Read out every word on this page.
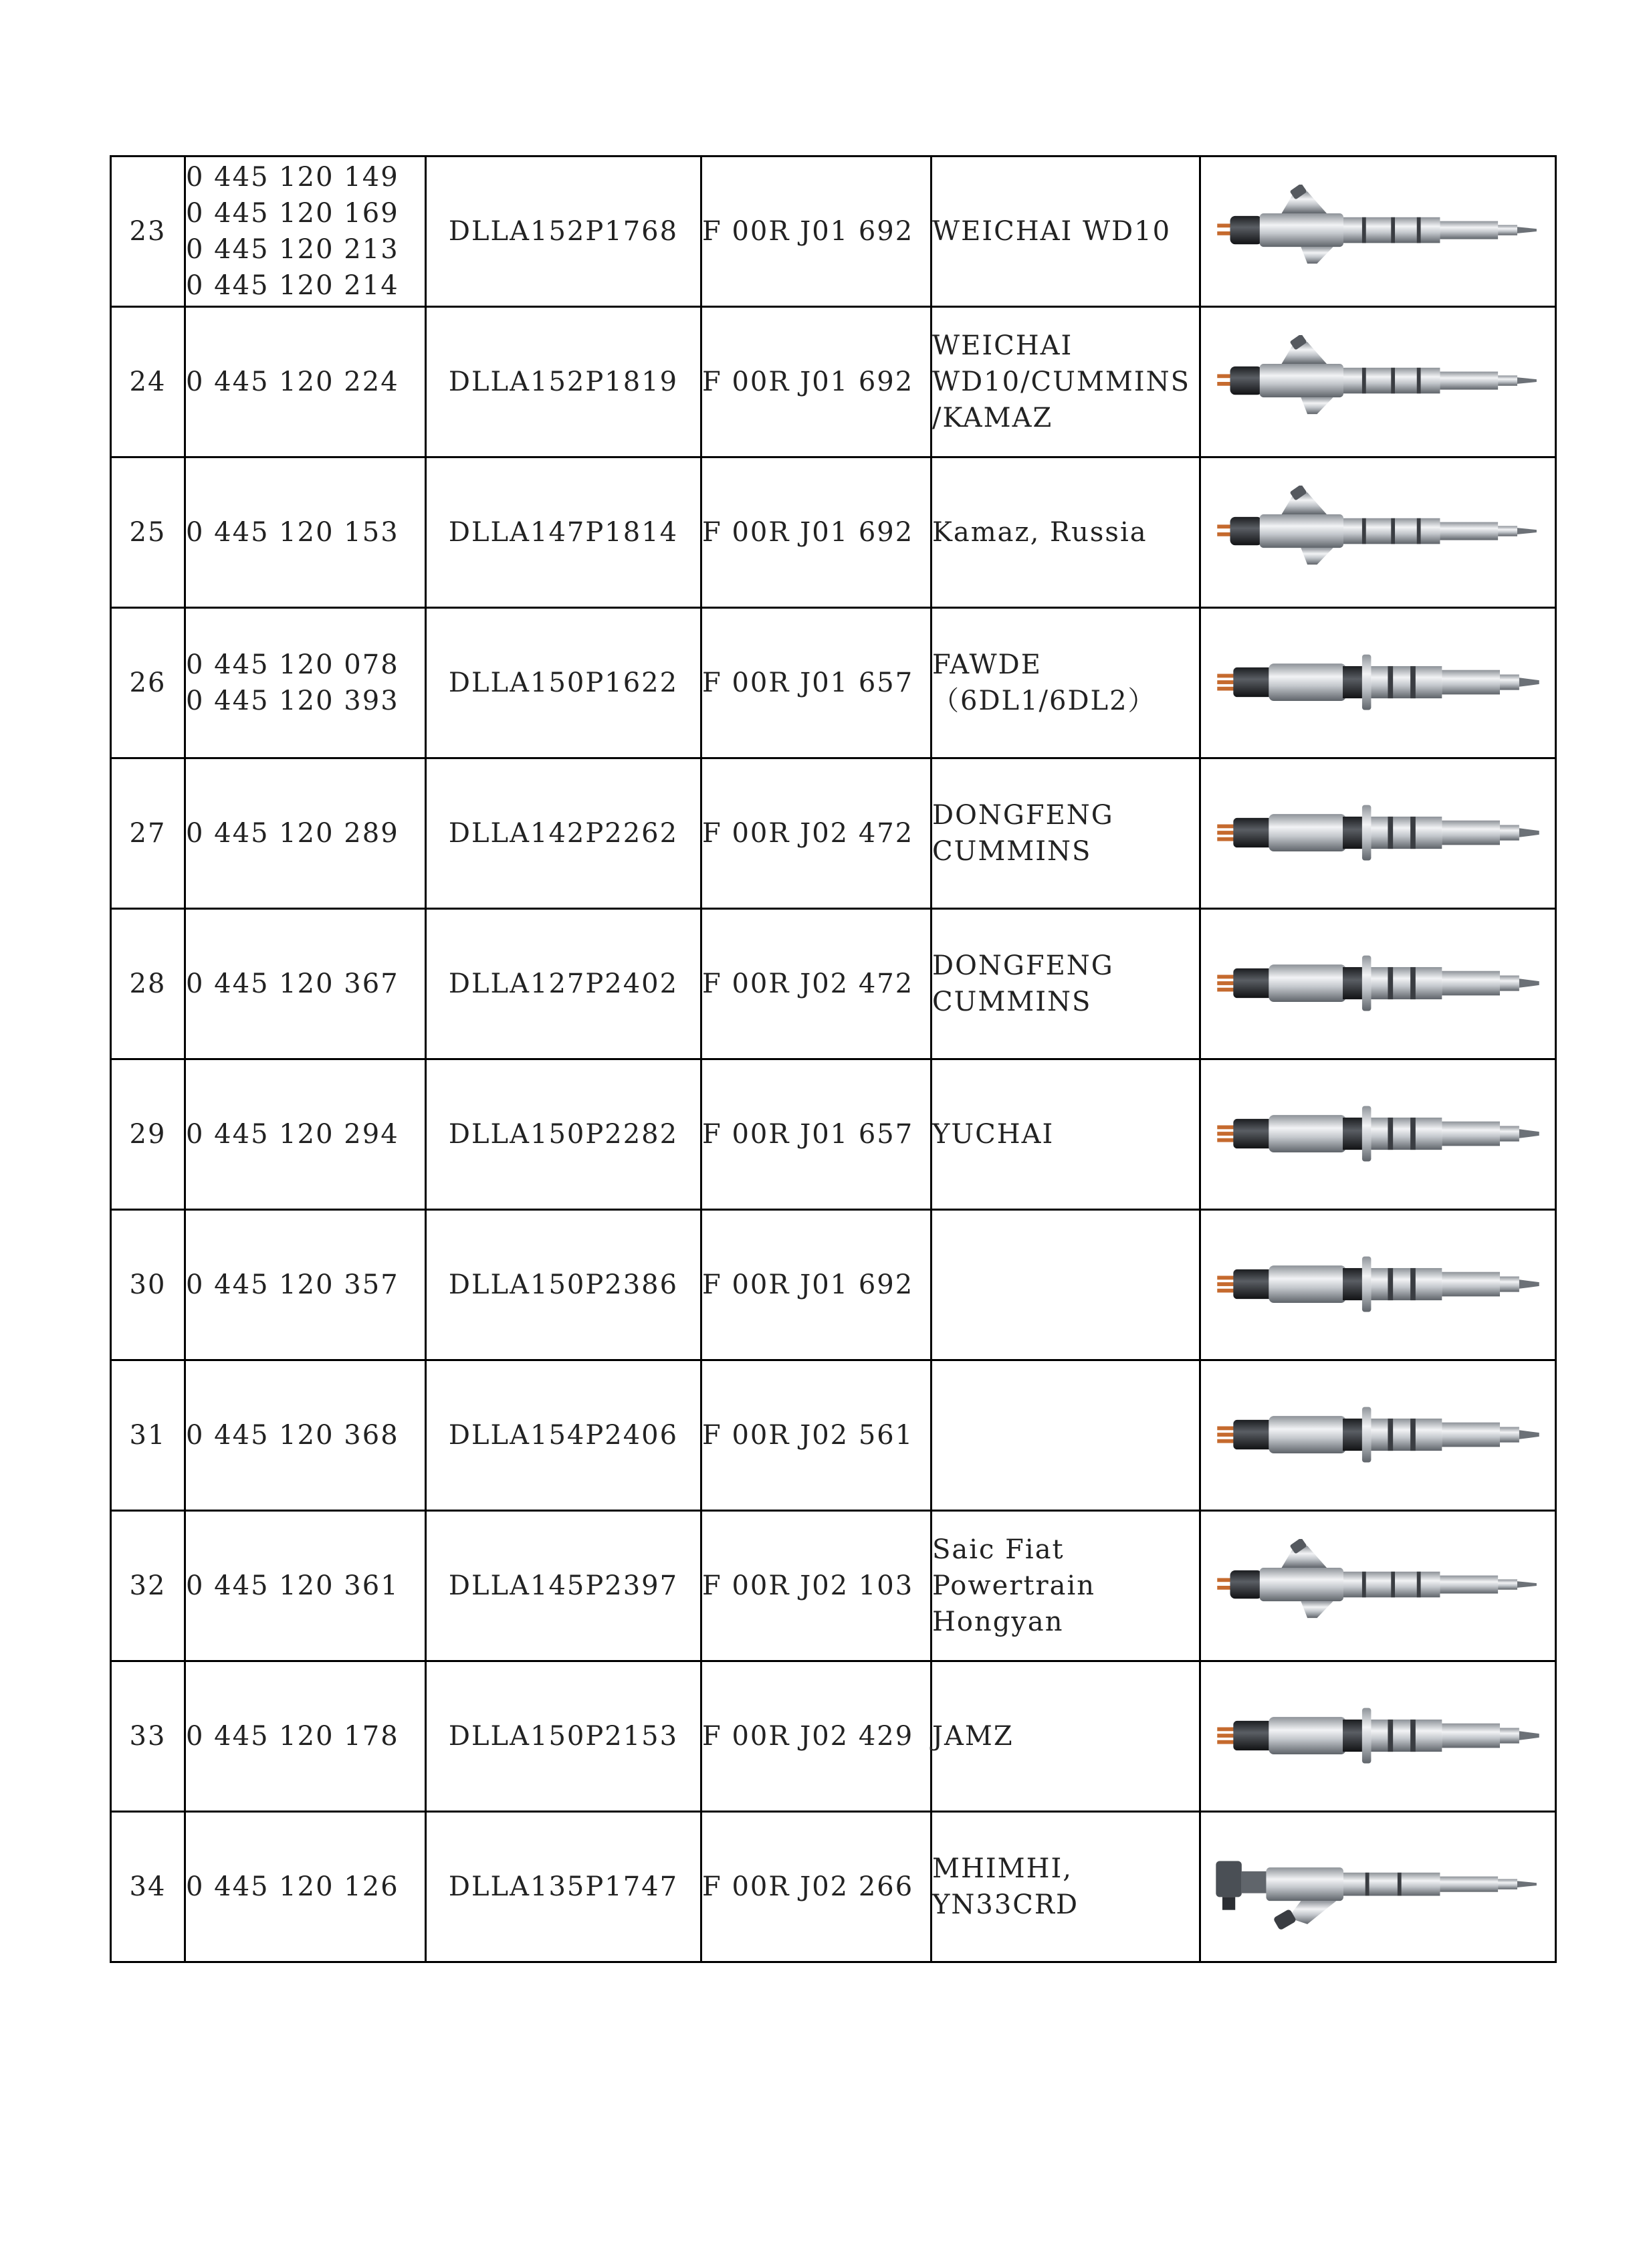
23	0 445 120 149
0 445 120 169
0 445 120 213
0 445 120 214	DLLA152P1768	F 00R J01 692	WEICHAI WD10

24	0 445 120 224	DLLA152P1819	F 00R J01 692	WEICHAI
WD10/CUMMINS
/KAMAZ

25	0 445 120 153	DLLA147P1814	F 00R J01 692	Kamaz, Russia

26	0 445 120 078
0 445 120 393	DLLA150P1622	F 00R J01 657	FAWDE
（6DL1/6DL2）

27	0 445 120 289	DLLA142P2262	F 00R J02 472	DONGFENG
CUMMINS

28	0 445 120 367	DLLA127P2402	F 00R J02 472	DONGFENG
CUMMINS

29	0 445 120 294	DLLA150P2282	F 00R J01 657	YUCHAI

30	0 445 120 357	DLLA150P2386	F 00R J01 692		

31	0 445 120 368	DLLA154P2406	F 00R J02 561		

32	0 445 120 361	DLLA145P2397	F 00R J02 103	Saic Fiat
Powertrain
Hongyan

33	0 445 120 178	DLLA150P2153	F 00R J02 429	JAMZ

34	0 445 120 126	DLLA135P1747	F 00R J02 266	MHIMHI, YN33CRD
